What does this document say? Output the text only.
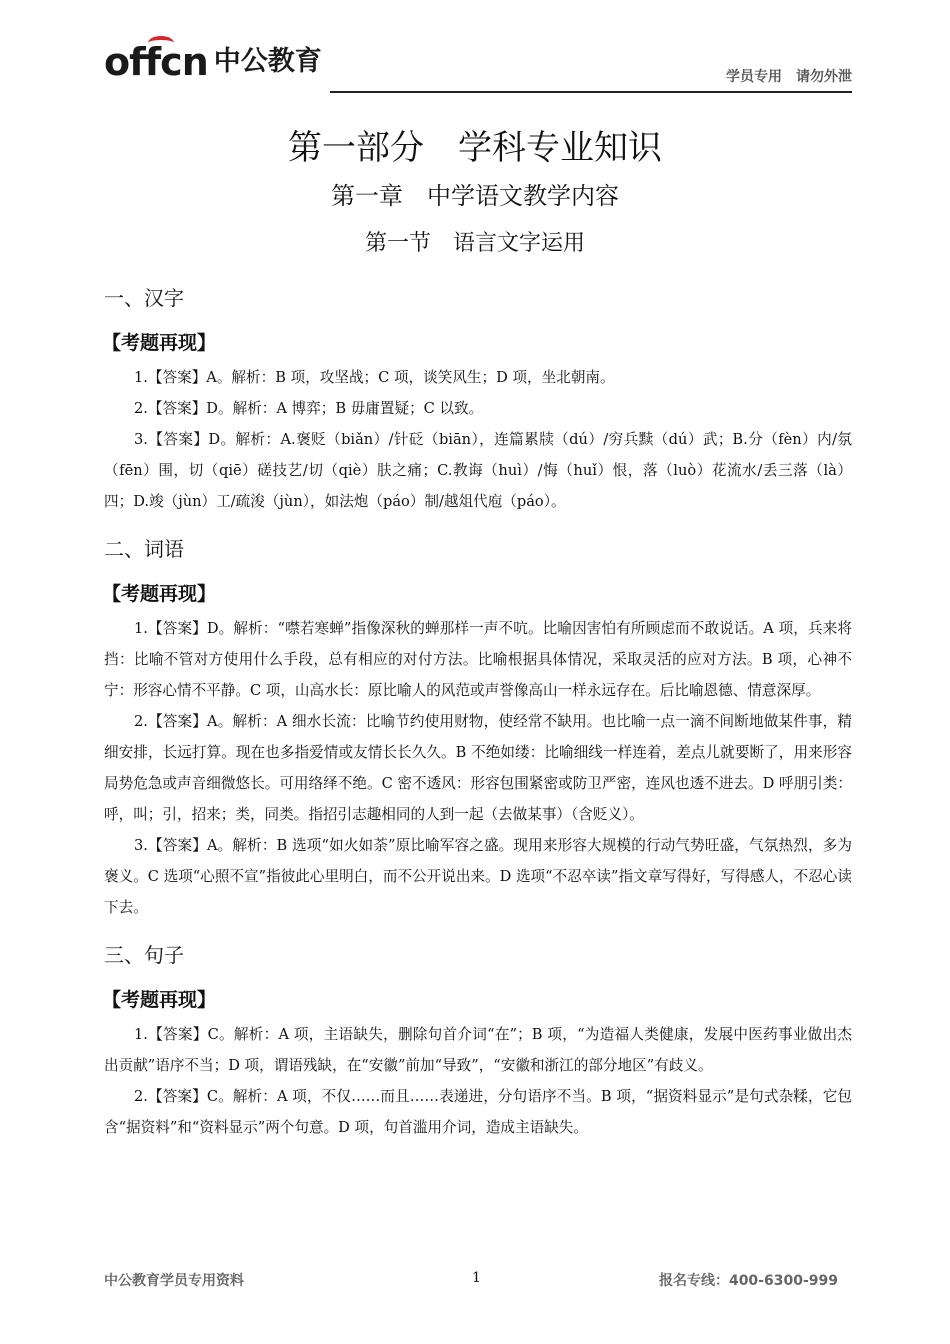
offcn 中公教育	学员专用 请勿外泄
第一部分　学科专业知识
第一章　中学语文教学内容
第一节　语言文字运用
一、汉字
【考题再现】

1.【答案】A。解析：B 项，攻坚战；C 项，谈笑风生；D 项，坐北朝南。

2.【答案】D。解析：A 博弈；B 毋庸置疑；C 以致。

3.【答案】D。解析：A.褒贬（biǎn）/针砭（biān），连篇累牍（dú）/穷兵黩（dú）武；B.分（fèn）内/氛（fēn）围，切（qiē）磋技艺/切（qiè）肤之痛；C.教诲（huì）/悔（huǐ）恨，落（luò）花流水/丢三落（là）四；D.竣（jùn）工/疏浚（jùn），如法炮（páo）制/越俎代庖（páo）。

二、词语
【考题再现】

1.【答案】D。解析：“噤若寒蝉”指像深秋的蝉那样一声不吭。比喻因害怕有所顾虑而不敢说话。A 项，兵来将挡：比喻不管对方使用什么手段，总有相应的对付方法。比喻根据具体情况，采取灵活的应对方法。B 项，心神不宁：形容心情不平静。C 项，山高水长：原比喻人的风范或声誉像高山一样永远存在。后比喻恩德、情意深厚。

2.【答案】A。解析：A 细水长流：比喻节约使用财物，使经常不缺用。也比喻一点一滴不间断地做某件事，精细安排，长远打算。现在也多指爱情或友情长长久久。B 不绝如缕：比喻细线一样连着，差点儿就要断了，用来形容局势危急或声音细微悠长。可用络绎不绝。C 密不透风：形容包围紧密或防卫严密，连风也透不进去。D 呼朋引类：呼，叫；引，招来；类，同类。指招引志趣相同的人到一起（去做某事）（含贬义）。

3.【答案】A。解析：B 选项“如火如荼”原比喻军容之盛。现用来形容大规模的行动气势旺盛，气氛热烈，多为褒义。C 选项“心照不宣”指彼此心里明白，而不公开说出来。D 选项“不忍卒读”指文章写得好，写得感人，不忍心读下去。

三、句子
【考题再现】

1.【答案】C。解析：A 项，主语缺失，删除句首介词“在”；B 项，“为造福人类健康，发展中医药事业做出杰出贡献”语序不当；D 项，谓语残缺，在“安徽”前加“导致”，“安徽和浙江的部分地区”有歧义。

2.【答案】C。解析：A 项，不仅……而且……表递进，分句语序不当。B 项，“据资料显示”是句式杂糅，它包含“据资料”和“资料显示”两个句意。D 项，句首滥用介词，造成主语缺失。

中公教育学员专用资料	1	报名专线：400-6300-999
